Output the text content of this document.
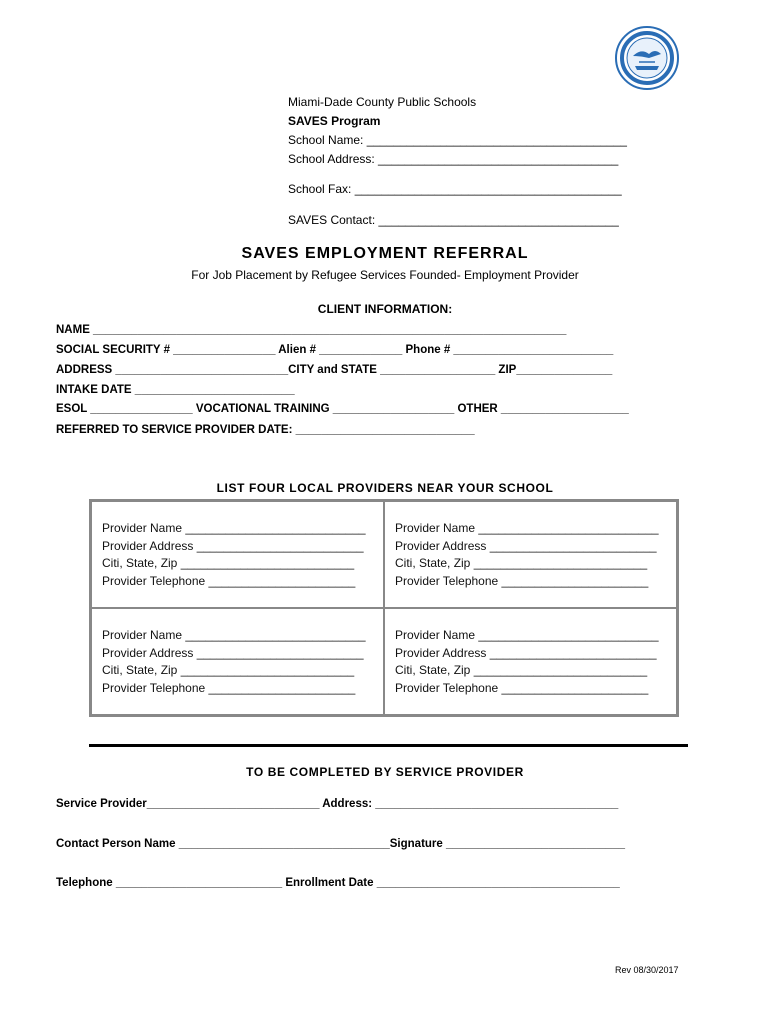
Miami-Dade County Public Schools
SAVES Program
School Name: _______________________________________
School Address: ____________________________________
School Fax: ________________________________________
SAVES Contact: ____________________________________
SAVES EMPLOYMENT REFERRAL
For Job Placement by Refugee Services Founded- Employment Provider
CLIENT INFORMATION:
NAME __________________________________________________________________________
SOCIAL SECURITY # ________________ Alien # _____________ Phone # _________________________
ADDRESS ___________________________CITY and STATE __________________ ZIP_______________
INTAKE DATE _________________________
ESOL ________________ VOCATIONAL TRAINING ___________________ OTHER ____________________
REFERRED TO SERVICE PROVIDER DATE: ____________________________
LIST FOUR LOCAL PROVIDERS NEAR YOUR SCHOOL
Provider Name ___________________________
Provider Address _________________________
Citi, State, Zip __________________________
Provider Telephone ______________________
Provider Name ___________________________
Provider Address _________________________
Citi, State, Zip __________________________
Provider Telephone ______________________
Provider Name ___________________________
Provider Address _________________________
Citi, State, Zip __________________________
Provider Telephone ______________________
Provider Name ___________________________
Provider Address _________________________
Citi, State, Zip __________________________
Provider Telephone ______________________
TO BE COMPLETED BY SERVICE PROVIDER
Service Provider___________________________ Address: ______________________________________
Contact Person Name _________________________________Signature ____________________________
Telephone __________________________ Enrollment Date ______________________________________
Rev 08/30/2017
